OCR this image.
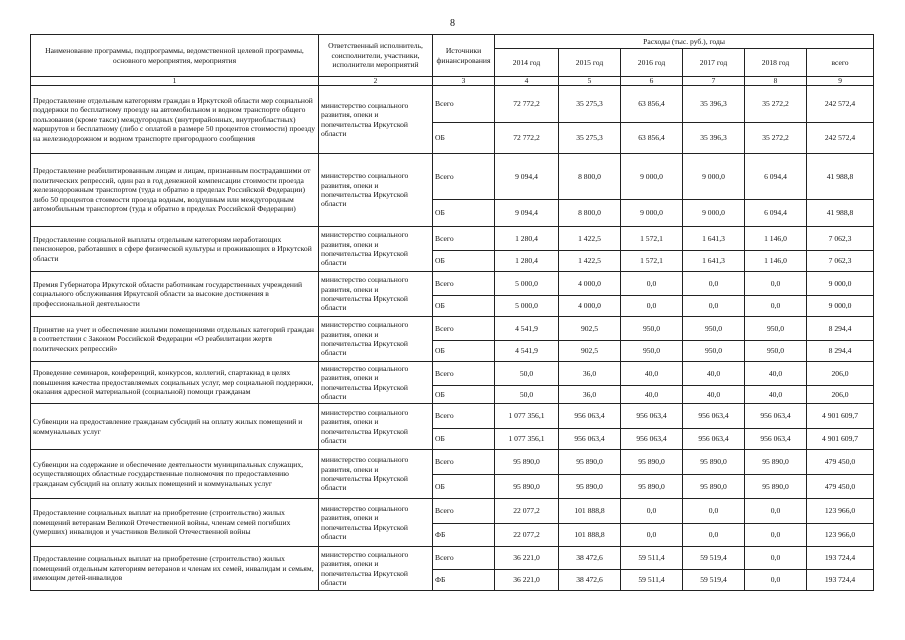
8
Наименование программы, подпрограммы, ведомственной целевой программы, основного мероприятия, мероприятия	Ответственный исполнитель, соисполнители, участники, исполнители мероприятий	Источники финансирования	Расходы (тыс. руб.), годы					
			2014 год	2015 год	2016 год	2017 год	2018 год	всего
1	2	3	4	5	6	7	8	9
Предоставление отдельным категориям граждан в Иркутской области мер социальной поддержки по бесплатному проезду на автомобильном и водном транспорте общего пользования (кроме такси) междугородных (внутрирайонных, внутриобластных) маршрутов и бесплатному (либо с оплатой в размере 50 процентов стоимости) проезду на железнодорожном и водном транспорте пригородного сообщения	министерство социального развития, опеки и попечительства Иркутской области	Всего	72 772,2	35 275,3	63 856,4	35 396,3	35 272,2	242 572,4
		ОБ	72 772,2	35 275,3	63 856,4	35 396,3	35 272,2	242 572,4
Предоставление реабилитированным лицам и лицам, признанным пострадавшими от политических репрессий, один раз в год денежной компенсации стоимости проезда железнодорожным транспортом (туда и обратно в пределах Российской Федерации) либо 50 процентов стоимости проезда водным, воздушным или междугородным автомобильным транспортом (туда и обратно в пределах Российской Федерации)	министерство социального развития, опеки и попечительства Иркутской области	Всего	9 094,4	8 800,0	9 000,0	9 000,0	6 094,4	41 988,8
		ОБ	9 094,4	8 800,0	9 000,0	9 000,0	6 094,4	41 988,8
Предоставление социальной выплаты отдельным категориям неработающих пенсионеров, работавших в сфере физической культуры и проживающих в Иркутской области	министерство социального развития, опеки и попечительства Иркутской области	Всего	1 280,4	1 422,5	1 572,1	1 641,3	1 146,0	7 062,3
		ОБ	1 280,4	1 422,5	1 572,1	1 641,3	1 146,0	7 062,3
Премия Губернатора Иркутской области работникам государственных учреждений социального обслуживания Иркутской области за высокие достижения в профессиональной деятельности	министерство социального развития, опеки и попечительства Иркутской области	Всего	5 000,0	4 000,0	0,0	0,0	0,0	9 000,0
		ОБ	5 000,0	4 000,0	0,0	0,0	0,0	9 000,0
Принятие на учет и обеспечение жилыми помещениями отдельных категорий граждан в соответствии с Законом Российской Федерации «О реабилитации жертв политических репрессий»	министерство социального развития, опеки и попечительства Иркутской области	Всего	4 541,9	902,5	950,0	950,0	950,0	8 294,4
		ОБ	4 541,9	902,5	950,0	950,0	950,0	8 294,4
Проведение семинаров, конференций, конкурсов, коллегий, спартакиад в целях повышения качества предоставляемых социальных услуг, мер социальной поддержки, оказания адресной материальной (социальной) помощи гражданам	министерство социального развития, опеки и попечительства Иркутской области	Всего	50,0	36,0	40,0	40,0	40,0	206,0
		ОБ	50,0	36,0	40,0	40,0	40,0	206,0
Субвенции на предоставление гражданам субсидий на оплату жилых помещений и коммунальных услуг	министерство социального развития, опеки и попечительства Иркутской области	Всего	1 077 356,1	956 063,4	956 063,4	956 063,4	956 063,4	4 901 609,7
		ОБ	1 077 356,1	956 063,4	956 063,4	956 063,4	956 063,4	4 901 609,7
Субвенции на содержание и обеспечение деятельности муниципальных служащих, осуществляющих областные государственные полномочия по предоставлению гражданам субсидий на оплату жилых помещений и коммунальных услуг	министерство социального развития, опеки и попечительства Иркутской области	Всего	95 890,0	95 890,0	95 890,0	95 890,0	95 890,0	479 450,0
		ОБ	95 890,0	95 890,0	95 890,0	95 890,0	95 890,0	479 450,0
Предоставление социальных выплат на приобретение (строительство) жилых помещений ветеранам Великой Отечественной войны, членам семей погибших (умерших) инвалидов и участников Великой Отечественной войны	министерство социального развития, опеки и попечительства Иркутской области	Всего	22 077,2	101 888,8	0,0	0,0	0,0	123 966,0
		ФБ	22 077,2	101 888,8	0,0	0,0	0,0	123 966,0
Предоставление социальных выплат на приобретение (строительство) жилых помещений отдельным категориям ветеранов и членам их семей, инвалидам и семьям, имеющим детей-инвалидов	министерство социального развития, опеки и попечительства Иркутской области	Всего	36 221,0	38 472,6	59 511,4	59 519,4	0,0	193 724,4
		ФБ	36 221,0	38 472,6	59 511,4	59 519,4	0,0	193 724,4
